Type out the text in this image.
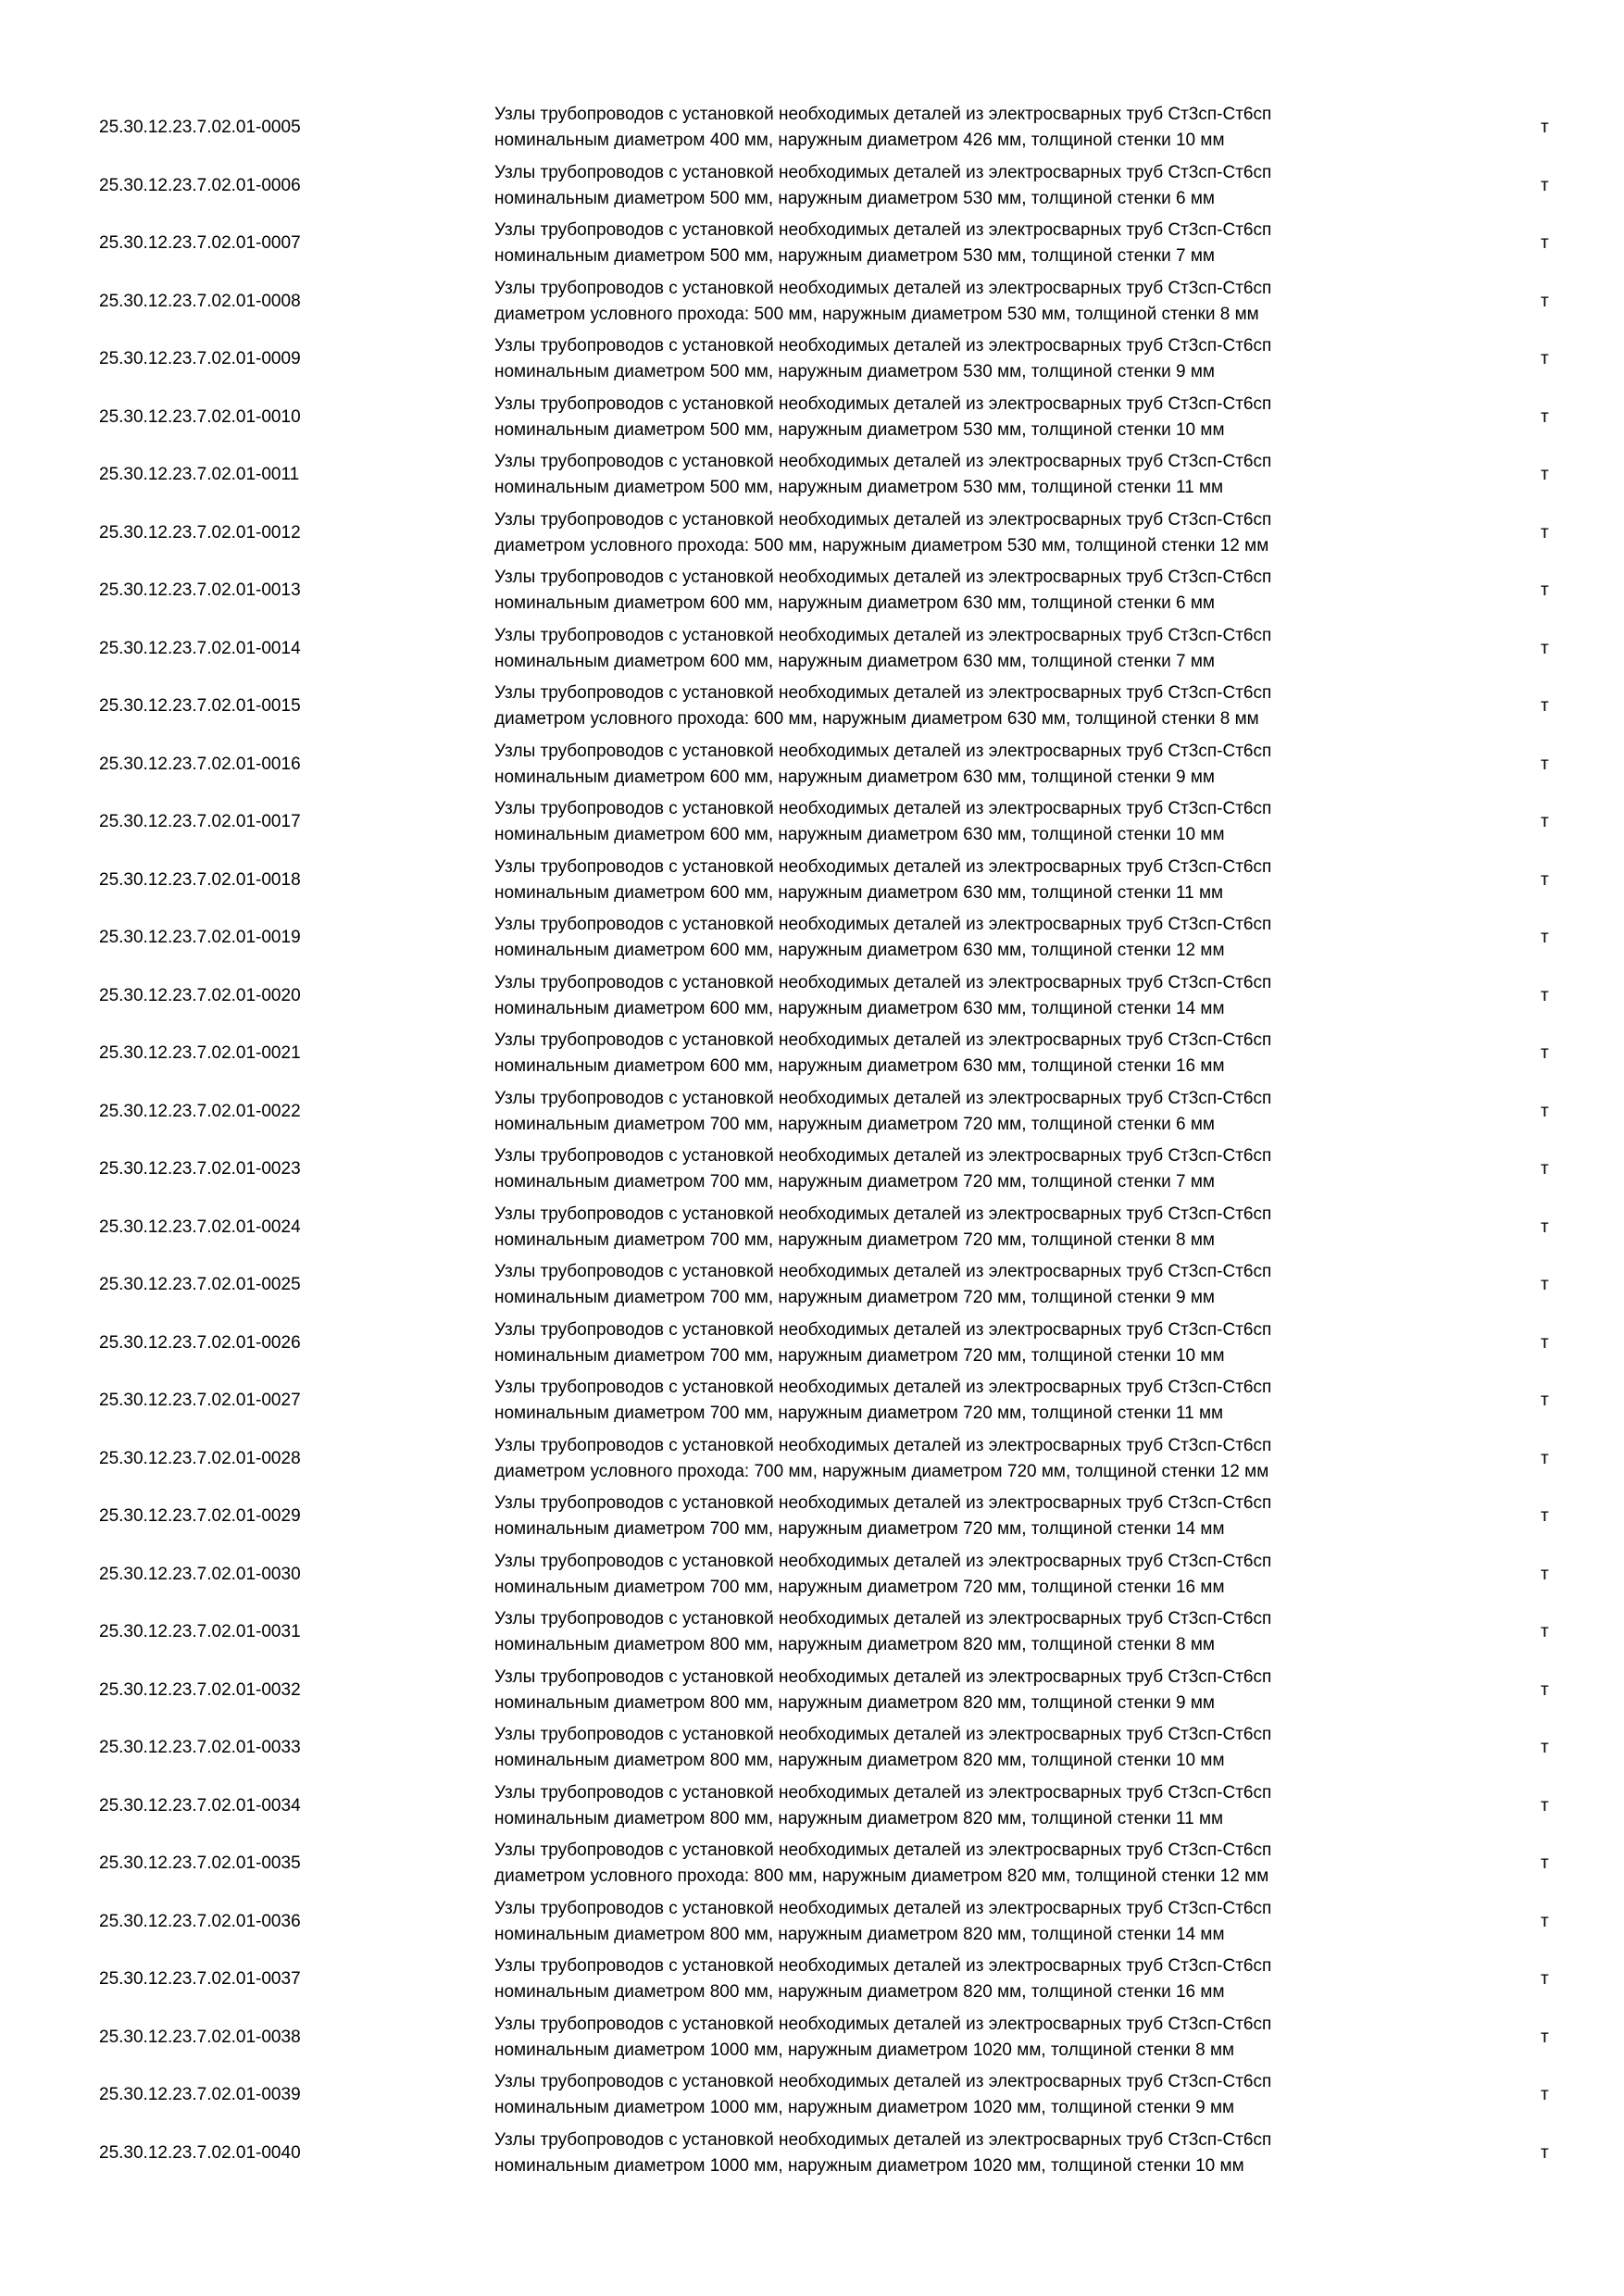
25.30.12.23.7.02.01-0005
Узлы трубопроводов с установкой необходимых деталей из электросварных труб Ст3сп-Ст6сп
номинальным диаметром 400 мм, наружным диаметром 426 мм, толщиной стенки 10 мм
т
25.30.12.23.7.02.01-0006
Узлы трубопроводов с установкой необходимых деталей из электросварных труб Ст3сп-Ст6сп
номинальным диаметром 500 мм, наружным диаметром 530 мм, толщиной стенки 6 мм
т
25.30.12.23.7.02.01-0007
Узлы трубопроводов с установкой необходимых деталей из электросварных труб Ст3сп-Ст6сп
номинальным диаметром 500 мм, наружным диаметром 530 мм, толщиной стенки 7 мм
т
25.30.12.23.7.02.01-0008
Узлы трубопроводов с установкой необходимых деталей из электросварных труб Ст3сп-Ст6сп
диаметром условного прохода: 500 мм, наружным диаметром 530 мм, толщиной стенки 8 мм
т
25.30.12.23.7.02.01-0009
Узлы трубопроводов с установкой необходимых деталей из электросварных труб Ст3сп-Ст6сп
номинальным диаметром 500 мм, наружным диаметром 530 мм, толщиной стенки 9 мм
т
25.30.12.23.7.02.01-0010
Узлы трубопроводов с установкой необходимых деталей из электросварных труб Ст3сп-Ст6сп
номинальным диаметром 500 мм, наружным диаметром 530 мм, толщиной стенки 10 мм
т
25.30.12.23.7.02.01-0011
Узлы трубопроводов с установкой необходимых деталей из электросварных труб Ст3сп-Ст6сп
номинальным диаметром 500 мм, наружным диаметром 530 мм, толщиной стенки 11 мм
т
25.30.12.23.7.02.01-0012
Узлы трубопроводов с установкой необходимых деталей из электросварных труб Ст3сп-Ст6сп
диаметром условного прохода: 500 мм, наружным диаметром 530 мм, толщиной стенки 12 мм
т
25.30.12.23.7.02.01-0013
Узлы трубопроводов с установкой необходимых деталей из электросварных труб Ст3сп-Ст6сп
номинальным диаметром 600 мм, наружным диаметром 630 мм, толщиной стенки 6 мм
т
25.30.12.23.7.02.01-0014
Узлы трубопроводов с установкой необходимых деталей из электросварных труб Ст3сп-Ст6сп
номинальным диаметром 600 мм, наружным диаметром 630 мм, толщиной стенки 7 мм
т
25.30.12.23.7.02.01-0015
Узлы трубопроводов с установкой необходимых деталей из электросварных труб Ст3сп-Ст6сп
диаметром условного прохода: 600 мм, наружным диаметром 630 мм, толщиной стенки 8 мм
т
25.30.12.23.7.02.01-0016
Узлы трубопроводов с установкой необходимых деталей из электросварных труб Ст3сп-Ст6сп
номинальным диаметром 600 мм, наружным диаметром 630 мм, толщиной стенки 9 мм
т
25.30.12.23.7.02.01-0017
Узлы трубопроводов с установкой необходимых деталей из электросварных труб Ст3сп-Ст6сп
номинальным диаметром 600 мм, наружным диаметром 630 мм, толщиной стенки 10 мм
т
25.30.12.23.7.02.01-0018
Узлы трубопроводов с установкой необходимых деталей из электросварных труб Ст3сп-Ст6сп
номинальным диаметром 600 мм, наружным диаметром 630 мм, толщиной стенки 11 мм
т
25.30.12.23.7.02.01-0019
Узлы трубопроводов с установкой необходимых деталей из электросварных труб Ст3сп-Ст6сп
номинальным диаметром 600 мм, наружным диаметром 630 мм, толщиной стенки 12 мм
т
25.30.12.23.7.02.01-0020
Узлы трубопроводов с установкой необходимых деталей из электросварных труб Ст3сп-Ст6сп
номинальным диаметром 600 мм, наружным диаметром 630 мм, толщиной стенки 14 мм
т
25.30.12.23.7.02.01-0021
Узлы трубопроводов с установкой необходимых деталей из электросварных труб Ст3сп-Ст6сп
номинальным диаметром 600 мм, наружным диаметром 630 мм, толщиной стенки 16 мм
т
25.30.12.23.7.02.01-0022
Узлы трубопроводов с установкой необходимых деталей из электросварных труб Ст3сп-Ст6сп
номинальным диаметром 700 мм, наружным диаметром 720 мм, толщиной стенки 6 мм
т
25.30.12.23.7.02.01-0023
Узлы трубопроводов с установкой необходимых деталей из электросварных труб Ст3сп-Ст6сп
номинальным диаметром 700 мм, наружным диаметром 720 мм, толщиной стенки 7 мм
т
25.30.12.23.7.02.01-0024
Узлы трубопроводов с установкой необходимых деталей из электросварных труб Ст3сп-Ст6сп
номинальным диаметром 700 мм, наружным диаметром 720 мм, толщиной стенки 8 мм
т
25.30.12.23.7.02.01-0025
Узлы трубопроводов с установкой необходимых деталей из электросварных труб Ст3сп-Ст6сп
номинальным диаметром 700 мм, наружным диаметром 720 мм, толщиной стенки 9 мм
т
25.30.12.23.7.02.01-0026
Узлы трубопроводов с установкой необходимых деталей из электросварных труб Ст3сп-Ст6сп
номинальным диаметром 700 мм, наружным диаметром 720 мм, толщиной стенки 10 мм
т
25.30.12.23.7.02.01-0027
Узлы трубопроводов с установкой необходимых деталей из электросварных труб Ст3сп-Ст6сп
номинальным диаметром 700 мм, наружным диаметром 720 мм, толщиной стенки 11 мм
т
25.30.12.23.7.02.01-0028
Узлы трубопроводов с установкой необходимых деталей из электросварных труб Ст3сп-Ст6сп
диаметром условного прохода: 700 мм, наружным диаметром 720 мм, толщиной стенки 12 мм
т
25.30.12.23.7.02.01-0029
Узлы трубопроводов с установкой необходимых деталей из электросварных труб Ст3сп-Ст6сп
номинальным диаметром 700 мм, наружным диаметром 720 мм, толщиной стенки 14 мм
т
25.30.12.23.7.02.01-0030
Узлы трубопроводов с установкой необходимых деталей из электросварных труб Ст3сп-Ст6сп
номинальным диаметром 700 мм, наружным диаметром 720 мм, толщиной стенки 16 мм
т
25.30.12.23.7.02.01-0031
Узлы трубопроводов с установкой необходимых деталей из электросварных труб Ст3сп-Ст6сп
номинальным диаметром 800 мм, наружным диаметром 820 мм, толщиной стенки 8 мм
т
25.30.12.23.7.02.01-0032
Узлы трубопроводов с установкой необходимых деталей из электросварных труб Ст3сп-Ст6сп
номинальным диаметром 800 мм, наружным диаметром 820 мм, толщиной стенки 9 мм
т
25.30.12.23.7.02.01-0033
Узлы трубопроводов с установкой необходимых деталей из электросварных труб Ст3сп-Ст6сп
номинальным диаметром 800 мм, наружным диаметром 820 мм, толщиной стенки 10 мм
т
25.30.12.23.7.02.01-0034
Узлы трубопроводов с установкой необходимых деталей из электросварных труб Ст3сп-Ст6сп
номинальным диаметром 800 мм, наружным диаметром 820 мм, толщиной стенки 11 мм
т
25.30.12.23.7.02.01-0035
Узлы трубопроводов с установкой необходимых деталей из электросварных труб Ст3сп-Ст6сп
диаметром условного прохода: 800 мм, наружным диаметром 820 мм, толщиной стенки 12 мм
т
25.30.12.23.7.02.01-0036
Узлы трубопроводов с установкой необходимых деталей из электросварных труб Ст3сп-Ст6сп
номинальным диаметром 800 мм, наружным диаметром 820 мм, толщиной стенки 14 мм
т
25.30.12.23.7.02.01-0037
Узлы трубопроводов с установкой необходимых деталей из электросварных труб Ст3сп-Ст6сп
номинальным диаметром 800 мм, наружным диаметром 820 мм, толщиной стенки 16 мм
т
25.30.12.23.7.02.01-0038
Узлы трубопроводов с установкой необходимых деталей из электросварных труб Ст3сп-Ст6сп
номинальным диаметром 1000 мм, наружным диаметром 1020 мм, толщиной стенки 8 мм
т
25.30.12.23.7.02.01-0039
Узлы трубопроводов с установкой необходимых деталей из электросварных труб Ст3сп-Ст6сп
номинальным диаметром 1000 мм, наружным диаметром 1020 мм, толщиной стенки 9 мм
т
25.30.12.23.7.02.01-0040
Узлы трубопроводов с установкой необходимых деталей из электросварных труб Ст3сп-Ст6сп
номинальным диаметром 1000 мм, наружным диаметром 1020 мм, толщиной стенки 10 мм
т
